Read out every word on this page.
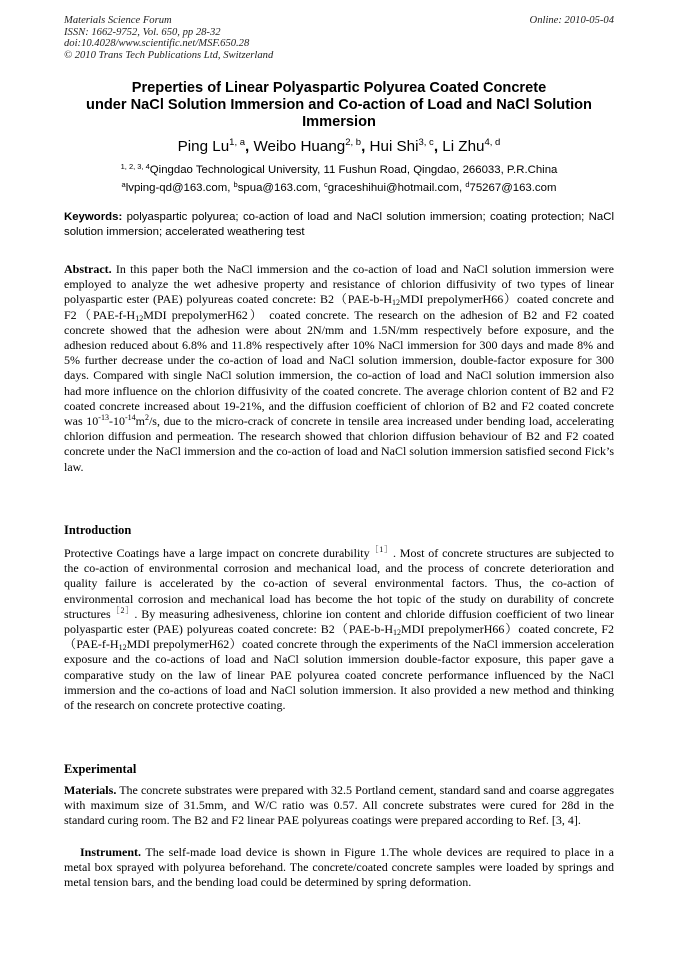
Materials Science Forum
ISSN: 1662-9752, Vol. 650, pp 28-32
doi:10.4028/www.scientific.net/MSF.650.28
© 2010 Trans Tech Publications Ltd, Switzerland
Online: 2010-05-04
Preperties of Linear Polyaspartic Polyurea Coated Concrete
under NaCl Solution Immersion and Co-action of Load and NaCl Solution
Immersion
Ping Lu$^{1, a}$, Weibo Huang$^{2, b}$, Hui Shi$^{3, c}$, Li Zhu$^{4, d}$
$^{1, 2, 3, 4}$Qingdao Technological University, 11 Fushun Road, Qingdao, 266033, P.R.China
$^a$lvping-qd@163.com, $^b$spua@163.com, $^c$graceshihui@hotmail.com, $^d$75267@163.com
Keywords: polyaspartic polyurea; co-action of load and NaCl solution immersion; coating protection; NaCl solution immersion; accelerated weathering test
Abstract. In this paper both the NaCl immersion and the co-action of load and NaCl solution immersion were employed to analyze the wet adhesive property and resistance of chlorion diffusivity of two types of linear polyaspartic ester (PAE) polyureas coated concrete: $B2(PAE-b-H_{12}MDI$ prepolymerH66）coated concrete and $F2(PAE-f-H_{12}MDI$ prepolymerH62） coated concrete. The research on the adhesion of B2 and F2 coated concrete showed that the adhesion were about 2N/mm and 1.5N/mm respectively before exposure, and the adhesion reduced about 6.8% and 11.8% respectively after 10% NaCl immersion for 300 days and made 8% and 5% further decrease under the co-action of load and NaCl solution immersion, double-factor exposure for 300 days. Compared with single NaCl solution immersion, the co-action of load and NaCl solution immersion also had more influence on the chlorion diffusivity of the coated concrete. The average chlorion content of B2 and F2 coated concrete increased about 19-21%, and the diffusion coefficient of chlorion of B2 and F2 coated concrete was $10^{-13}-10^{-14}m^2/s$, due to the micro-crack of concrete in tensile area increased under bending load, accelerating chlorion diffusion and permeation. The research showed that chlorion diffusion behaviour of B2 and F2 coated concrete under the NaCl immersion and the co-action of load and NaCl solution immersion satisfied second Fick’s law.
Introduction
Protective Coatings have a large impact on concrete durability$^{[1]}$. Most of concrete structures are subjected to the co-action of environmental corrosion and mechanical load, and the process of concrete deterioration and quality failure is accelerated by the co-action of several environmental factors. Thus, the co-action of environmental corrosion and mechanical load has become the hot topic of the study on durability of concrete structures$^{[2]}$. By measuring adhesiveness, chlorine ion content and chloride diffusion coefficient of two linear polyaspartic ester (PAE) polyureas coated concrete: $B2(PAE-b-H_{12}MDI$ prepolymerH66）coated concrete, $F2(PAE-f-H_{12}MDI$ prepolymerH62）coated concrete through the experiments of the NaCl immersion acceleration exposure and the co-actions of load and NaCl solution immersion double-factor exposure, this paper gave a comparative study on the law of linear PAE polyurea coated concrete performance influenced by the NaCl immersion and the co-actions of load and NaCl solution immersion. It also provided a new method and thinking of the research on concrete protective coating.
Experimental
Materials. The concrete substrates were prepared with 32.5 Portland cement, standard sand and coarse aggregates with maximum size of 31.5mm, and W/C ratio was 0.57. All concrete substrates were cured for 28d in the standard curing room. The B2 and F2 linear PAE polyureas coatings were prepared according to Ref. [3, 4].
Instrument. The self-made load device is shown in Figure 1.The whole devices are required to place in a metal box sprayed with polyurea beforehand. The concrete/coated concrete samples were loaded by springs and metal tension bars, and the bending load could be determined by spring deformation.
